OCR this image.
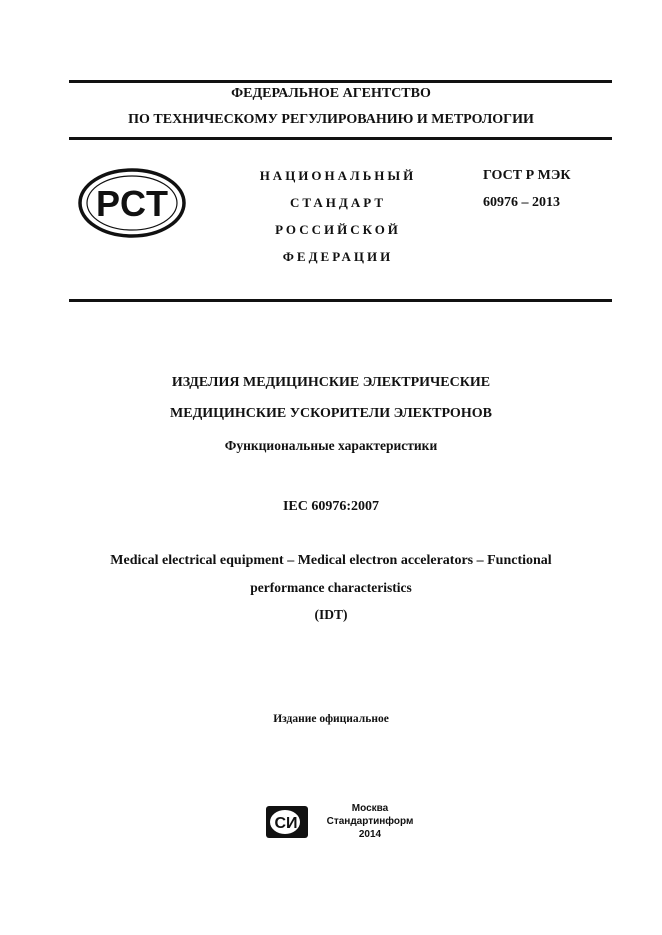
ФЕДЕРАЛЬНОЕ АГЕНТСТВО
ПО ТЕХНИЧЕСКОМУ РЕГУЛИРОВАНИЮ И МЕТРОЛОГИИ
PCT
НАЦИОНАЛЬНЫЙ
СТАНДАРТ
РОССИЙСКОЙ
ФЕДЕРАЦИИ
ГОСТ Р МЭК
60976 – 2013
ИЗДЕЛИЯ МЕДИЦИНСКИЕ ЭЛЕКТРИЧЕСКИЕ
МЕДИЦИНСКИЕ УСКОРИТЕЛИ ЭЛЕКТРОНОВ
Функциональные характеристики
IEC 60976:2007
Medical electrical equipment – Medical electron accelerators – Functional
performance characteristics
(IDT)
Издание официальное
СИ
Москва
Стандартинформ
2014
